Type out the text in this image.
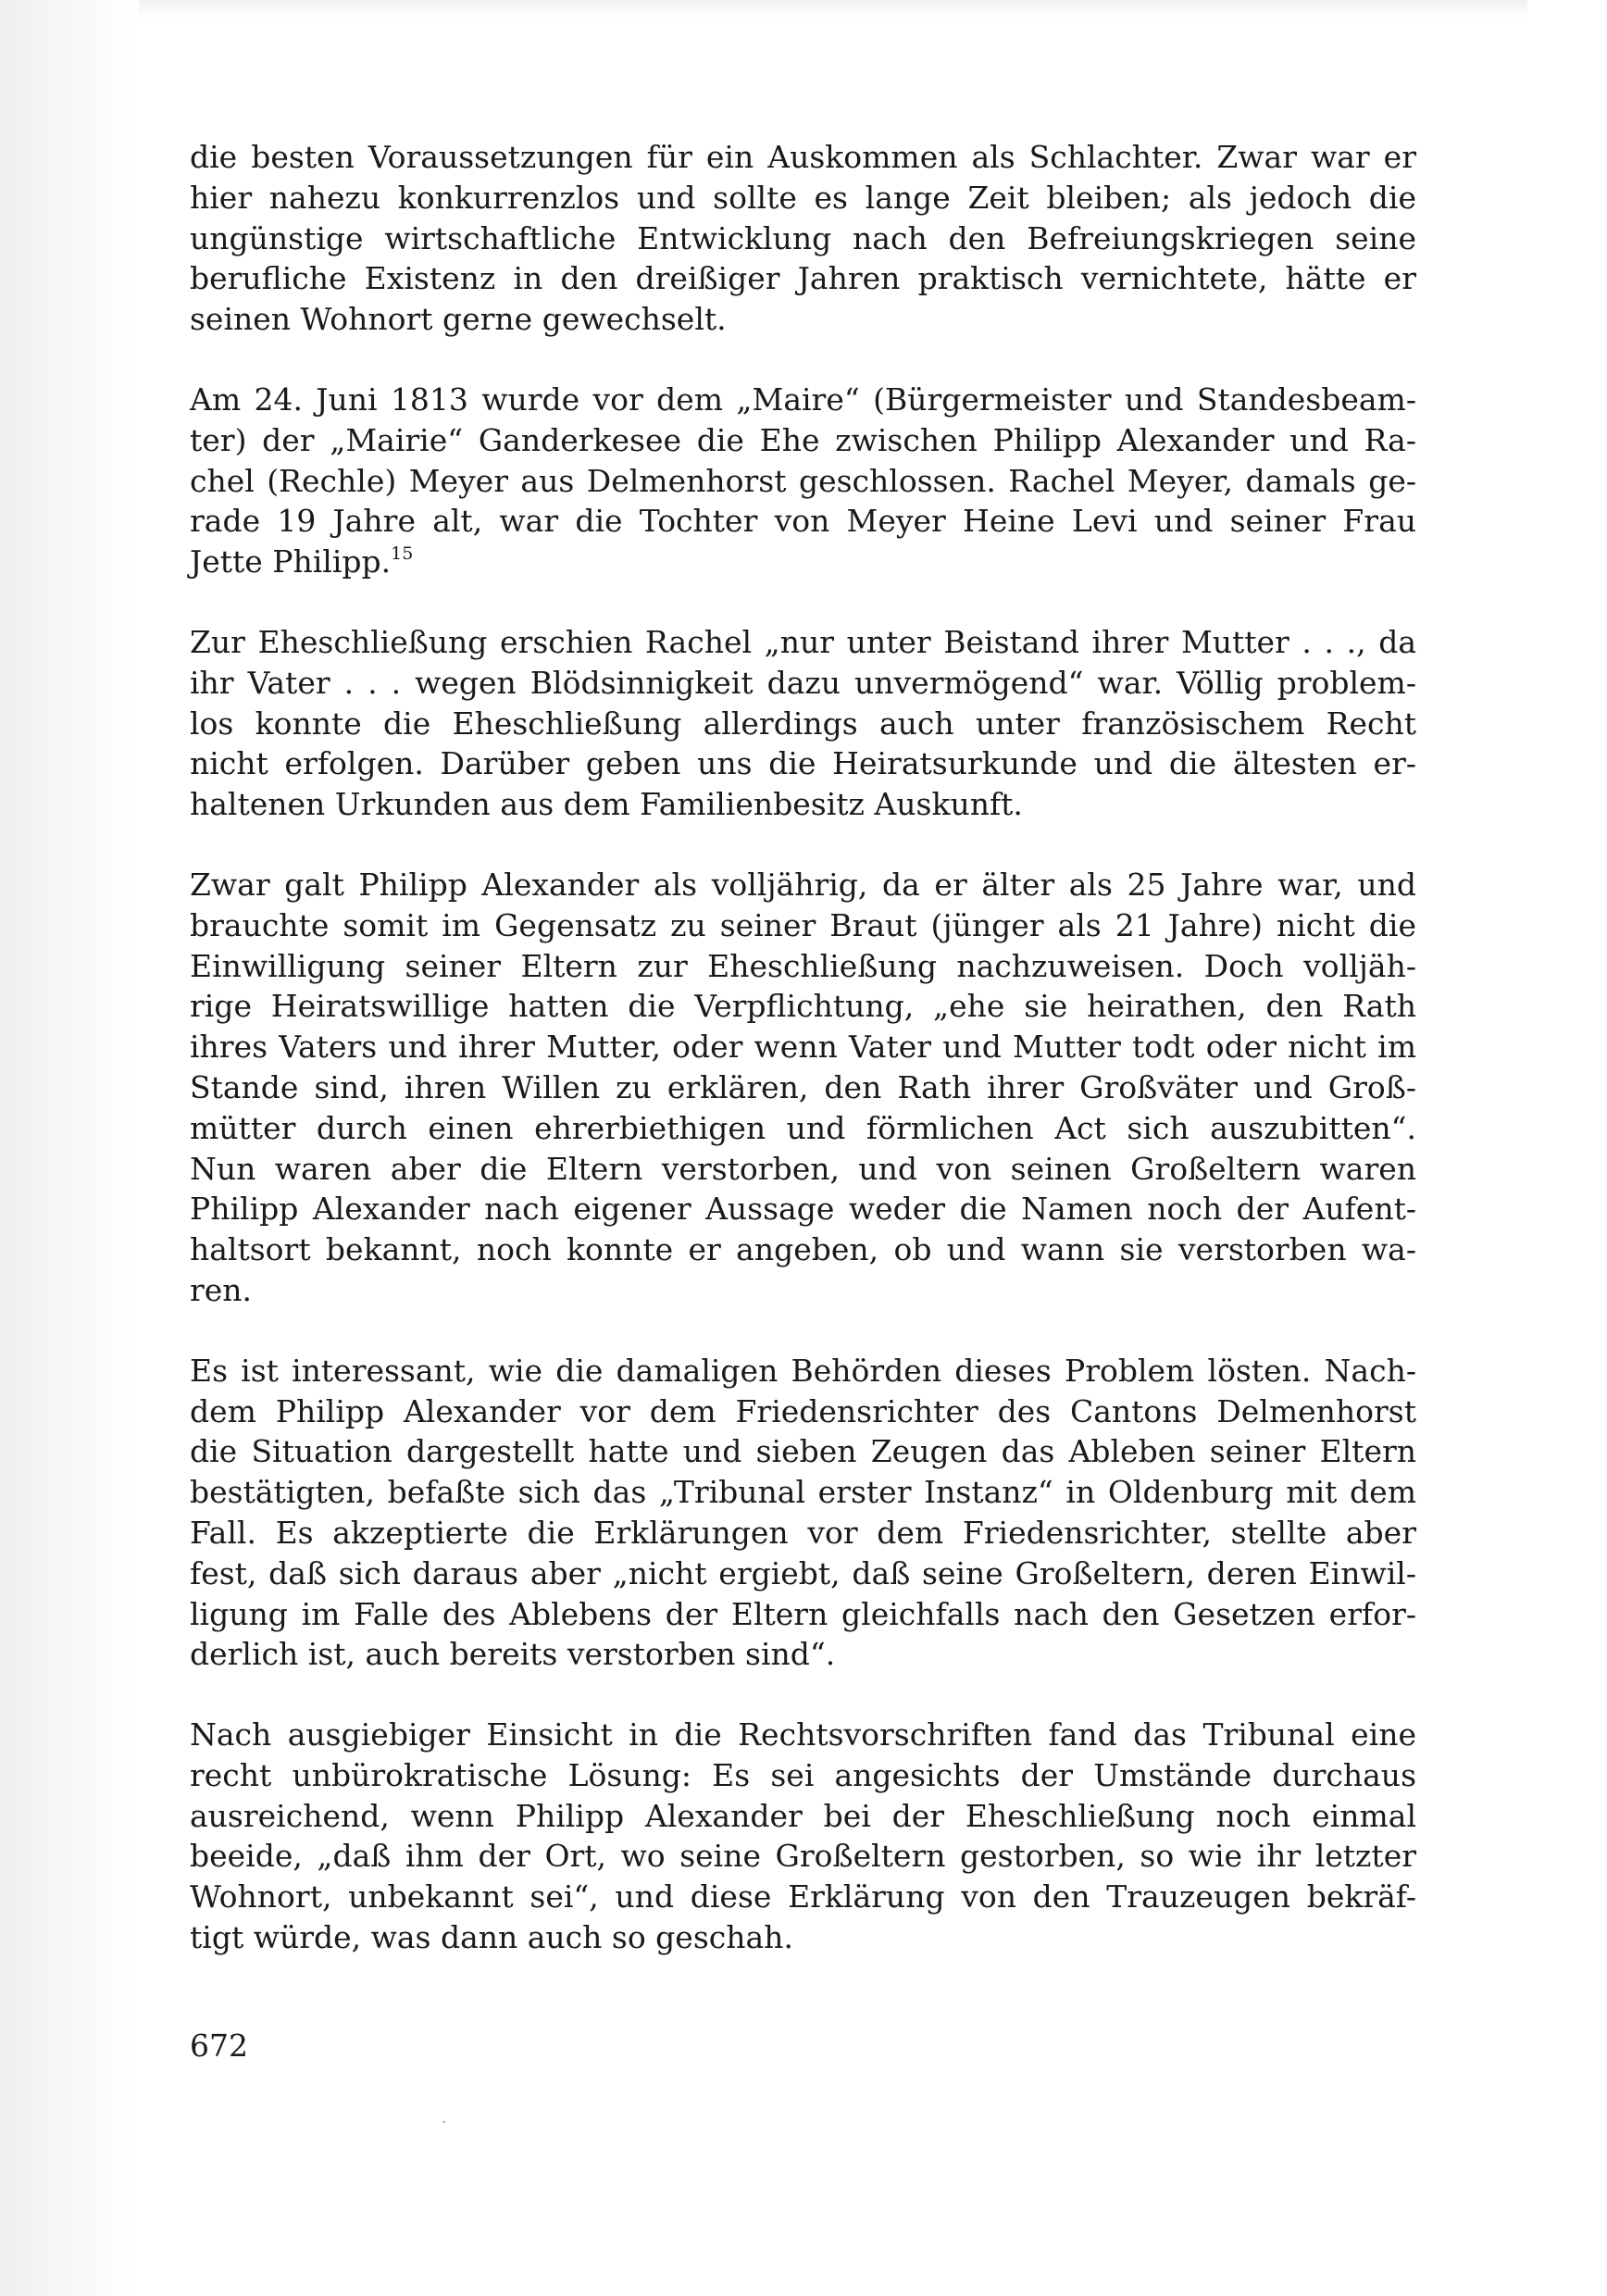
die besten Voraussetzungen für ein Auskommen als Schlachter. Zwar war er
hier nahezu konkurrenzlos und sollte es lange Zeit bleiben; als jedoch die
ungünstige wirtschaftliche Entwicklung nach den Befreiungskriegen seine
berufliche Existenz in den dreißiger Jahren praktisch vernichtete, hätte er
seinen Wohnort gerne gewechselt.

Am 24. Juni 1813 wurde vor dem „Maire“ (Bürgermeister und Standesbeam-
ter) der „Mairie“ Ganderkesee die Ehe zwischen Philipp Alexander und Ra-
chel (Rechle) Meyer aus Delmenhorst geschlossen. Rachel Meyer, damals ge-
rade 19 Jahre alt, war die Tochter von Meyer Heine Levi und seiner Frau
Jette Philipp.$^{15}$

Zur Eheschließung erschien Rachel „nur unter Beistand ihrer Mutter . . ., da
ihr Vater . . . wegen Blödsinnigkeit dazu unvermögend“ war. Völlig problem-
los konnte die Eheschließung allerdings auch unter französischem Recht
nicht erfolgen. Darüber geben uns die Heiratsurkunde und die ältesten er-
haltenen Urkunden aus dem Familienbesitz Auskunft.

Zwar galt Philipp Alexander als volljährig, da er älter als 25 Jahre war, und
brauchte somit im Gegensatz zu seiner Braut (jünger als 21 Jahre) nicht die
Einwilligung seiner Eltern zur Eheschließung nachzuweisen. Doch volljäh-
rige Heiratswillige hatten die Verpflichtung, „ehe sie heirathen, den Rath
ihres Vaters und ihrer Mutter, oder wenn Vater und Mutter todt oder nicht im
Stande sind, ihren Willen zu erklären, den Rath ihrer Großväter und Groß-
mütter durch einen ehrerbiethigen und förmlichen Act sich auszubitten“.
Nun waren aber die Eltern verstorben, und von seinen Großeltern waren
Philipp Alexander nach eigener Aussage weder die Namen noch der Aufent-
haltsort bekannt, noch konnte er angeben, ob und wann sie verstorben wa-
ren.

Es ist interessant, wie die damaligen Behörden dieses Problem lösten. Nach-
dem Philipp Alexander vor dem Friedensrichter des Cantons Delmenhorst
die Situation dargestellt hatte und sieben Zeugen das Ableben seiner Eltern
bestätigten, befaßte sich das „Tribunal erster Instanz“ in Oldenburg mit dem
Fall. Es akzeptierte die Erklärungen vor dem Friedensrichter, stellte aber
fest, daß sich daraus aber „nicht ergiebt, daß seine Großeltern, deren Einwil-
ligung im Falle des Ablebens der Eltern gleichfalls nach den Gesetzen erfor-
derlich ist, auch bereits verstorben sind“.

Nach ausgiebiger Einsicht in die Rechtsvorschriften fand das Tribunal eine
recht unbürokratische Lösung: Es sei angesichts der Umstände durchaus
ausreichend, wenn Philipp Alexander bei der Eheschließung noch einmal
beeide, „daß ihm der Ort, wo seine Großeltern gestorben, so wie ihr letzter
Wohnort, unbekannt sei“, und diese Erklärung von den Trauzeugen bekräf-
tigt würde, was dann auch so geschah.

672
